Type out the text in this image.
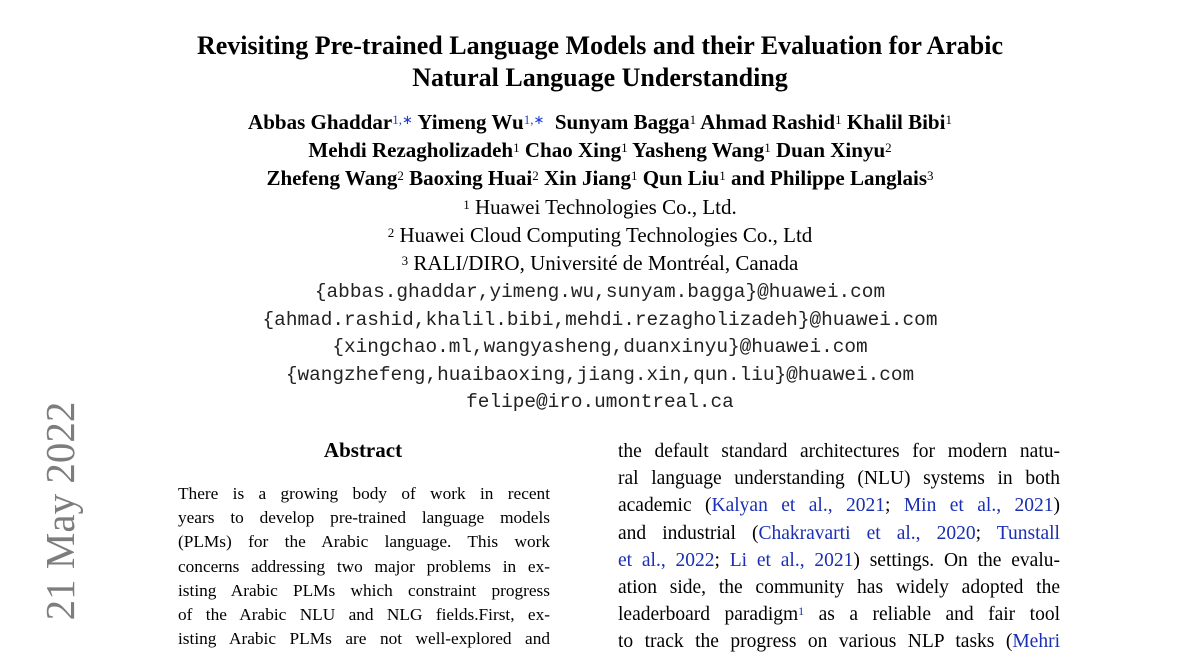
Revisiting Pre-trained Language Models and their Evaluation for Arabic
Natural Language Understanding
Abbas Ghaddar$^{1,∗}$ Yimeng $Wu^{1,∗}$ Sunyam Bagga$^1$ Ahmad Rashid$^1$ Khalil Bibi$^1$
Mehdi Rezagholizadeh$^1$ Chao Xing$^1$ Yasheng Wang$^1$ Duan Xinyu$^2$
Zhefeng Wang$^2$ Baoxing Huai$^2$ Xin Jiang$^1$ Qun Liu$^1$ and Philippe Langlais$^3$
$^1$ Huawei Technologies Co., Ltd.
$^2$ Huawei Cloud Computing Technologies Co., Ltd
$^3$ RALI/DIRO, Université de Montréal, Canada
{abbas.ghaddar,yimeng.wu,sunyam.bagga}@huawei.com
{ahmad.rashid,khalil.bibi,mehdi.rezagholizadeh}@huawei.com
{xingchao.ml,wangyasheng,duanxinyu}@huawei.com
{wangzhefeng,huaibaoxing,jiang.xin,qun.liu}@huawei.com
felipe@iro.umontreal.ca
21 May 2022	Abstract
There is a growing body of work in recent
years to develop pre-trained language models
(PLMs) for the Arabic language. This work
concerns addressing two major problems in ex-
isting Arabic PLMs which constraint progress
of the Arabic NLU and NLG fields.First, ex-
isting Arabic PLMs are not well-explored and
the default standard architectures for modern natu-
ral language understanding (NLU) systems in both
academic (Kalyan et al., 2021; Min et al., 2021)
and industrial (Chakravarti et al., 2020; Tunstall
et al., 2022; Li et al., 2021) settings. On the evalu-
ation side, the community has widely adopted the
leaderboard paradigm$^1$ as a reliable and fair tool
to track the progress on various NLP tasks (Mehri
